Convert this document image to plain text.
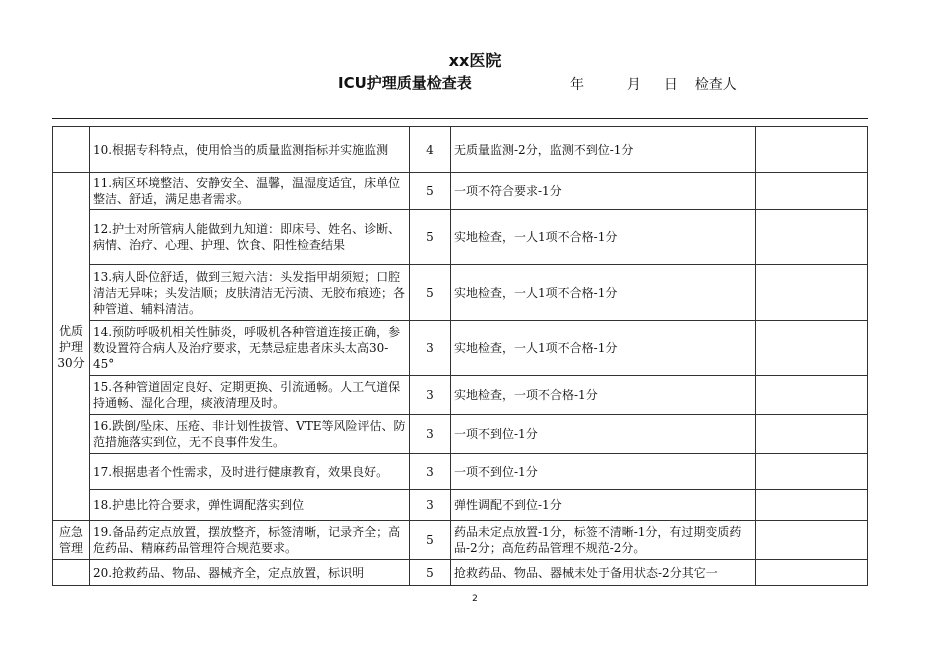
xx医院
ICU护理质量检查表	年	月 日 检查人
	10.根据专科特点，使用恰当的质量监测指标并实施监测	4	无质量监测-2分，监测不到位-1分	

优质护理30分	11.病区环境整洁、安静安全、温馨，温湿度适宜，床单位整洁、舒适，满足患者需求。	5	一项不符合要求-1分	
	12.护士对所管病人能做到九知道：即床号、姓名、诊断、病情、治疗、心理、护理、饮食、阳性检查结果	5	实地检查，一人1项不合格-1分	
	13.病人卧位舒适，做到三短六洁：头发指甲胡须短；口腔清洁无异味；头发洁顺；皮肤清洁无污渍、无胶布痕迹；各种管道、辅料清洁。	5	实地检查，一人1项不合格-1分	
	14.预防呼吸机相关性肺炎，呼吸机各种管道连接正确，参数设置符合病人及治疗要求，无禁忌症患者床头太高30-45°	3	实地检查，一人1项不合格-1分	
	15.各种管道固定良好、定期更换、引流通畅。人工气道保持通畅、湿化合理，痰液清理及时。	3	实地检查，一项不合格-1分	
	16.跌倒/坠床、压疮、非计划性拔管、VTE等风险评估、防范措施落实到位，无不良事件发生。	3	一项不到位-1分	
	17.根据患者个性需求，及时进行健康教育，效果良好。	3	一项不到位-1分	
	18.护患比符合要求，弹性调配落实到位	3	弹性调配不到位-1分	

应急管理	19.备品药定点放置，摆放整齐，标签清晰，记录齐全；高危药品、精麻药品管理符合规范要求。	5	药品未定点放置-1分，标签不清晰-1分，有过期变质药品-2分；高危药品管理不规范-2分。	
	20.抢救药品、物品、器械齐全，定点放置，标识明	5	抢救药品、物品、器械未处于备用状态-2分其它一	
2
